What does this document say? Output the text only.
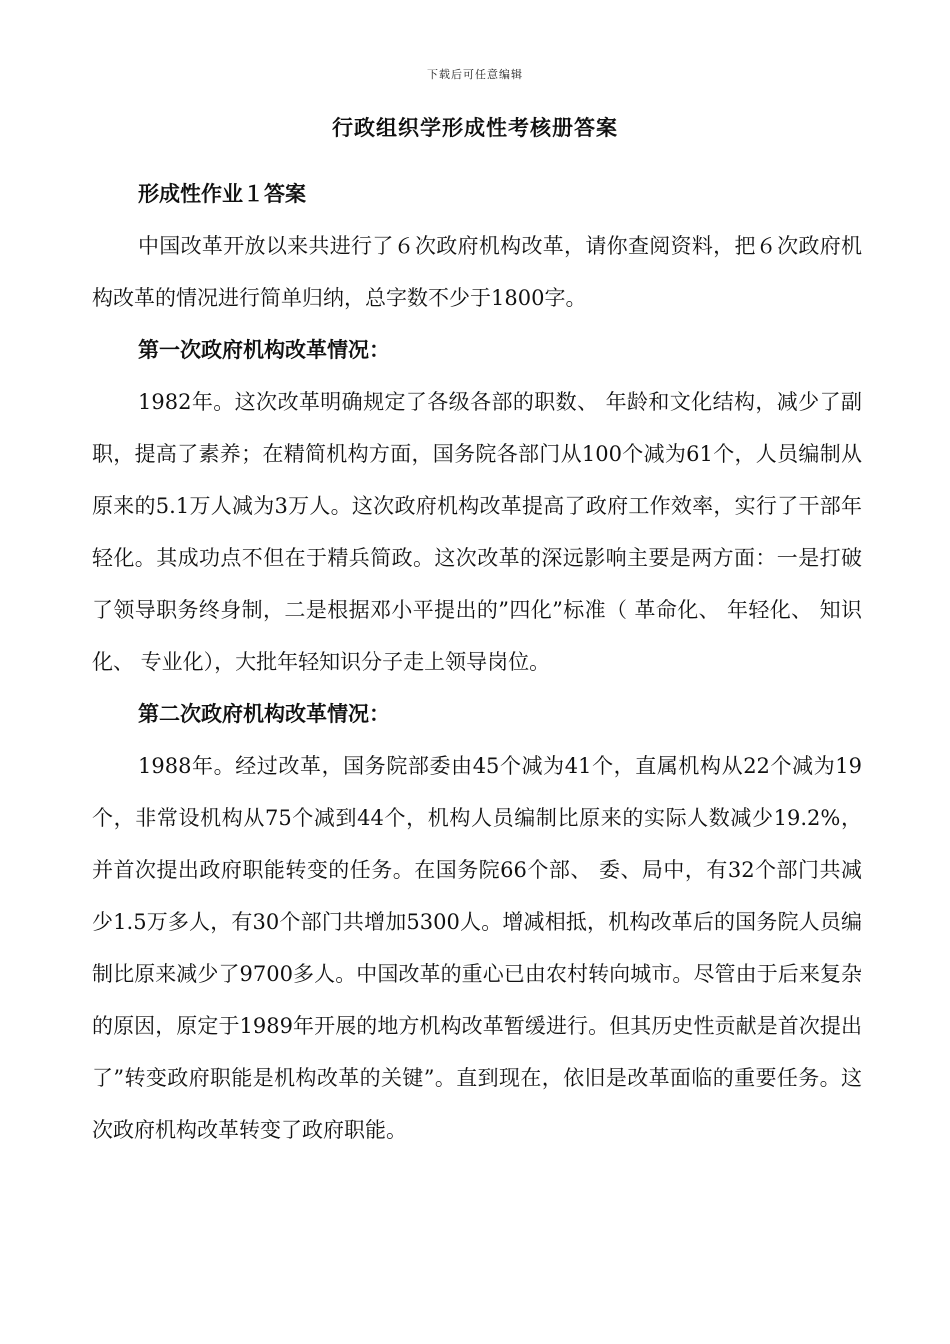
下载后可任意编辑
行政组织学形成性考核册答案

形成性作业１答案

中国改革开放以来共进行了６次政府机构改革，请你查阅资料，把６次政府机构改革的情况进行简单归纳，总字数不少于1800字。

第一次政府机构改革情况：

1982年。这次改革明确规定了各级各部的职数、 年龄和文化结构，减少了副职，提高了素养；在精简机构方面，国务院各部门从100个减为61个，人员编制从原来的5.1万人减为3万人。这次政府机构改革提高了政府工作效率，实行了干部年轻化。其成功点不但在于精兵简政。这次改革的深远影响主要是两方面：一是打破了领导职务终身制，二是根据邓小平提出的”四化”标准（ 革命化、 年轻化、 知识化、 专业化），大批年轻知识分子走上领导岗位。

第二次政府机构改革情况：

1988年。经过改革，国务院部委由45个减为41个，直属机构从22个减为19个，非常设机构从75个减到44个，机构人员编制比原来的实际人数减少19.2%，并首次提出政府职能转变的任务。在国务院66个部、 委、局中，有32个部门共减少1.5万多人，有30个部门共增加5300人。增减相抵，机构改革后的国务院人员编制比原来减少了9700多人。中国改革的重心已由农村转向城市。尽管由于后来复杂的原因，原定于1989年开展的地方机构改革暂缓进行。但其历史性贡献是首次提出了”转变政府职能是机构改革的关键”。直到现在，依旧是改革面临的重要任务。这次政府机构改革转变了政府职能。
